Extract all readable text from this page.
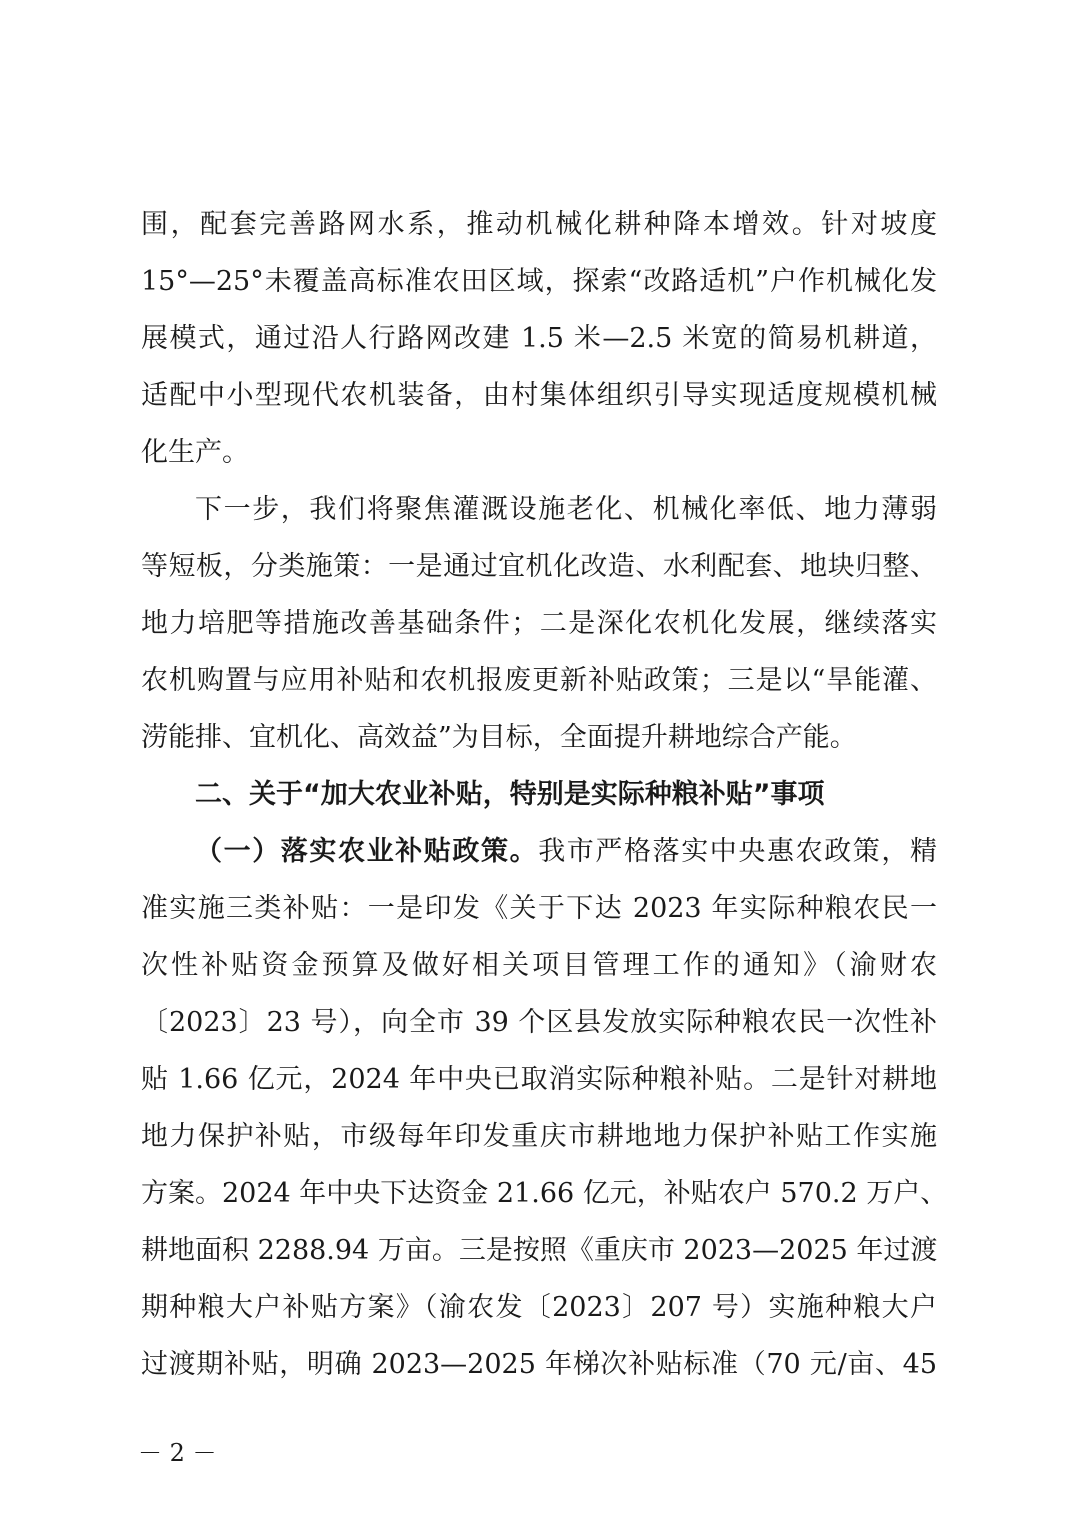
围，配套完善路网水系，推动机械化耕种降本增效。针对坡度
15°—25°未覆盖高标准农田区域，探索“改路适机”户作机械化发
展模式，通过沿人行路网改建 1.5 米—2.5 米宽的简易机耕道，
适配中小型现代农机装备，由村集体组织引导实现适度规模机械
化生产。
下一步，我们将聚焦灌溉设施老化、机械化率低、地力薄弱
等短板，分类施策：一是通过宜机化改造、水利配套、地块归整、
地力培肥等措施改善基础条件；二是深化农机化发展，继续落实
农机购置与应用补贴和农机报废更新补贴政策；三是以“旱能灌、
涝能排、宜机化、高效益”为目标，全面提升耕地综合产能。
二、关于“加大农业补贴，特别是实际种粮补贴”事项
（一）落实农业补贴政策。我市严格落实中央惠农政策，精
准实施三类补贴：一是印发《关于下达 2023 年实际种粮农民一
次性补贴资金预算及做好相关项目管理工作的通知》（渝财农
〔2023〕23 号），向全市 39 个区县发放实际种粮农民一次性补
贴 1.66 亿元，2024 年中央已取消实际种粮补贴。二是针对耕地
地力保护补贴，市级每年印发重庆市耕地地力保护补贴工作实施
方案。2024 年中央下达资金 21.66 亿元，补贴农户 570.2 万户、
耕地面积 2288.94 万亩。三是按照《重庆市 2023—2025 年过渡
期种粮大户补贴方案》（渝农发〔2023〕207 号）实施种粮大户
过渡期补贴，明确 2023—2025 年梯次补贴标准（70 元/亩、45
－ 2 －
